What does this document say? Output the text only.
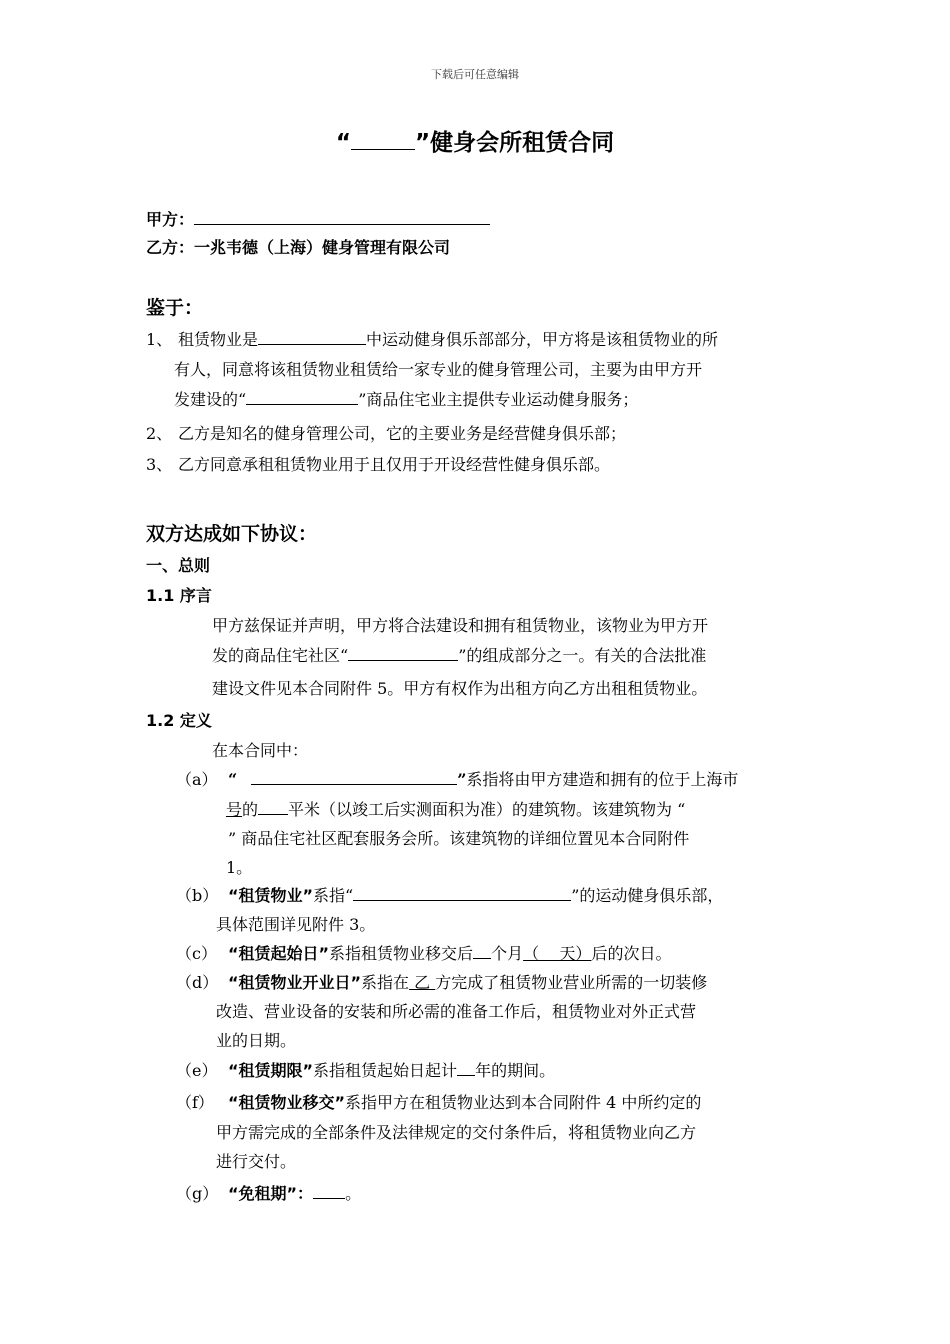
下载后可任意编辑
“	”健身会所租赁合同
甲方：
乙方：一兆韦德（上海）健身管理有限公司
鉴于：
1、 租赁物业是	中运动健身俱乐部部分，甲方将是该租赁物业的所
有人，同意将该租赁物业租赁给一家专业的健身管理公司，主要为由甲方开
发建设的“	”商品住宅业主提供专业运动健身服务；
2、 乙方是知名的健身管理公司，它的主要业务是经营健身俱乐部；
3、 乙方同意承租租赁物业用于且仅用于开设经营性健身俱乐部。
双方达成如下协议：
一、总则
1.1 序言
甲方兹保证并声明，甲方将合法建设和拥有租赁物业，该物业为甲方开
发的商品住宅社区“	”的组成部分之一。有关的合法批准
建设文件见本合同附件 5。甲方有权作为出租方向乙方出租租赁物业。
1.2 定义
在本合同中：
（a） “	”系指将由甲方建造和拥有的位于上海市
号的 平米（以竣工后实测面积为准）的建筑物。该建筑物为 “
” 商品住宅社区配套服务会所。该建筑物的详细位置见本合同附件
1。
（b） “租赁物业”系指“	”的运动健身俱乐部，
具体范围详见附件 3。
（c） “租赁起始日”系指租赁物业移交后 个月（    天）后的次日。
（d） “租赁物业开业日”系指在 乙 方完成了租赁物业营业所需的一切装修
改造、营业设备的安装和所必需的准备工作后，租赁物业对外正式营
业的日期。
（e） “租赁期限”系指租赁起始日起计 年的期间。
（f） “租赁物业移交”系指甲方在租赁物业达到本合同附件 4 中所约定的
甲方需完成的全部条件及法律规定的交付条件后，将租赁物业向乙方
进行交付。
（g） “免租期”： 。
